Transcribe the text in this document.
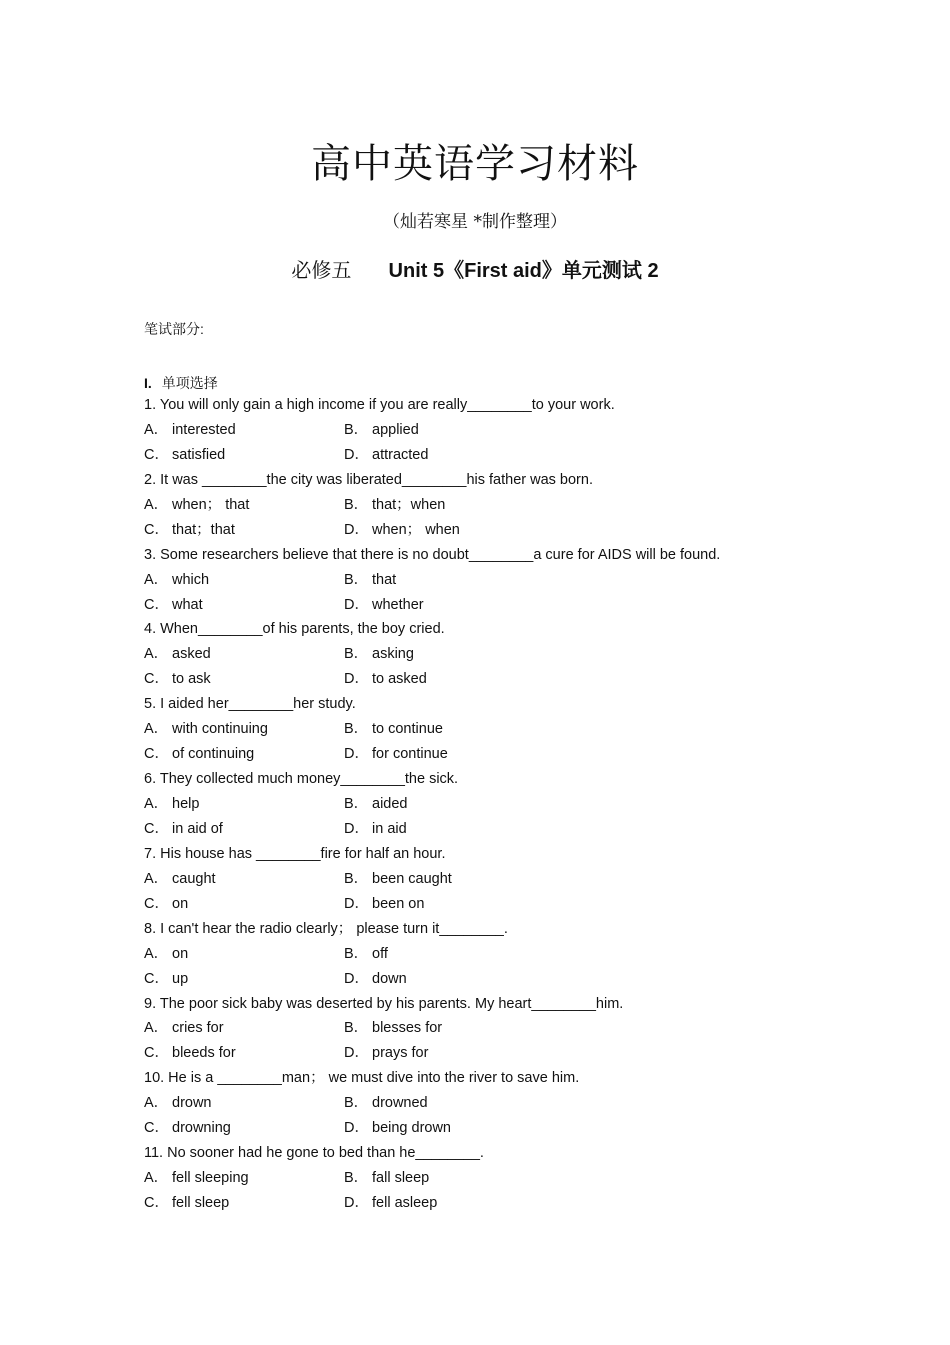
高中英语学习材料
（灿若寒星 *制作整理）
必修五 Unit 5《First aid》单元测试 2
笔试部分:
I. 单项选择
1. You will only gain a high income if you are really________to your work.
A． interested	B． applied
C． satisfied	D． attracted
2. It was ________the city was liberated________his father was born.
A． when； that	B． that；when
C． that；that	D． when； when
3. Some researchers believe that there is no doubt________a cure for AIDS will be found.
A． which	B． that
C． what	D． whether
4. When________of his parents, the boy cried.
A． asked	B． asking
C． to ask	D． to asked
5. I aided her________her study.
A． with continuing	B． to continue
C． of continuing	D． for continue
6. They collected much money________the sick.
A． help	B． aided
C． in aid of	D． in aid
7. His house has ________fire for half an hour.
A． caught	B． been caught
C． on	D． been on
8. I can't hear the radio clearly； please turn it________.
A． on	B． off
C． up	D． down
9. The poor sick baby was deserted by his parents. My heart________him.
A． cries for	B． blesses for
C． bleeds for	D． prays for
10. He is a ________man； we must dive into the river to save him.
A． drown	B． drowned
C． drowning	D． being drown
11. No sooner had he gone to bed than he________.
A． fell sleeping	B． fall sleep
C． fell sleep	D． fell asleep
